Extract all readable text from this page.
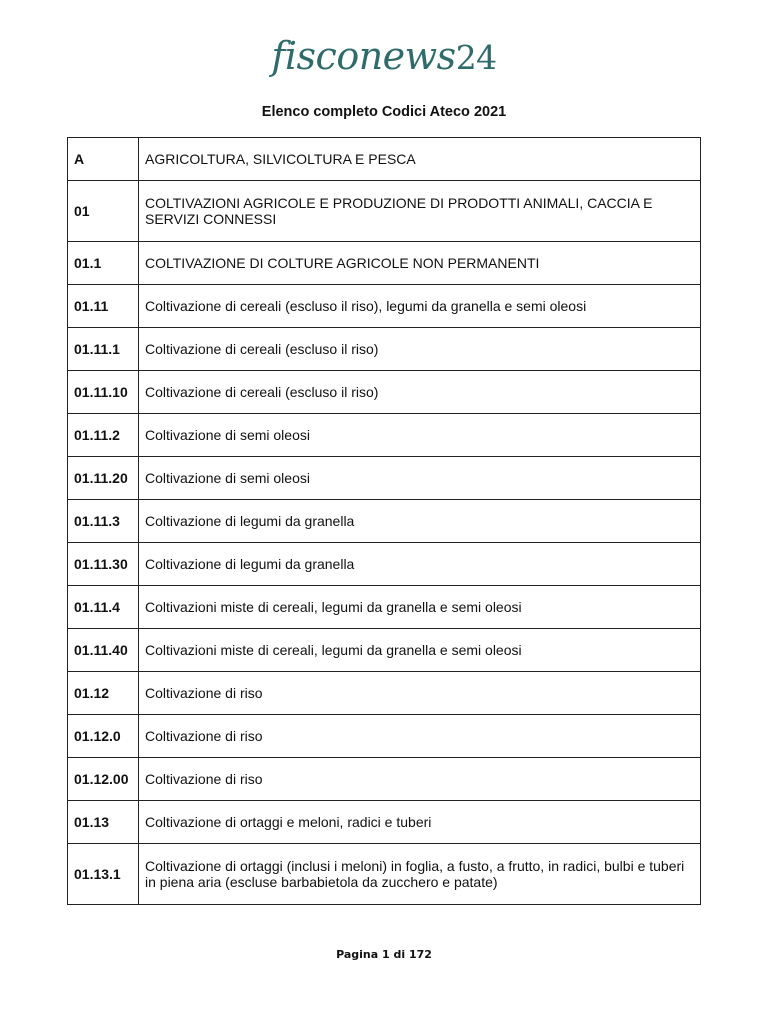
fisconews24
Elenco completo Codici Ateco 2021
A	AGRICOLTURA, SILVICOLTURA E PESCA
01	COLTIVAZIONI AGRICOLE E PRODUZIONE DI PRODOTTI ANIMALI, CACCIA E SERVIZI CONNESSI
01.1	COLTIVAZIONE DI COLTURE AGRICOLE NON PERMANENTI
01.11	Coltivazione di cereali (escluso il riso), legumi da granella e semi oleosi
01.11.1	Coltivazione di cereali (escluso il riso)
01.11.10	Coltivazione di cereali (escluso il riso)
01.11.2	Coltivazione di semi oleosi
01.11.20	Coltivazione di semi oleosi
01.11.3	Coltivazione di legumi da granella
01.11.30	Coltivazione di legumi da granella
01.11.4	Coltivazioni miste di cereali, legumi da granella e semi oleosi
01.11.40	Coltivazioni miste di cereali, legumi da granella e semi oleosi
01.12	Coltivazione di riso
01.12.0	Coltivazione di riso
01.12.00	Coltivazione di riso
01.13	Coltivazione di ortaggi e meloni, radici e tuberi
01.13.1	Coltivazione di ortaggi (inclusi i meloni) in foglia, a fusto, a frutto, in radici, bulbi e tuberi in piena aria (escluse barbabietola da zucchero e patate)
Pagina 1 di 172
